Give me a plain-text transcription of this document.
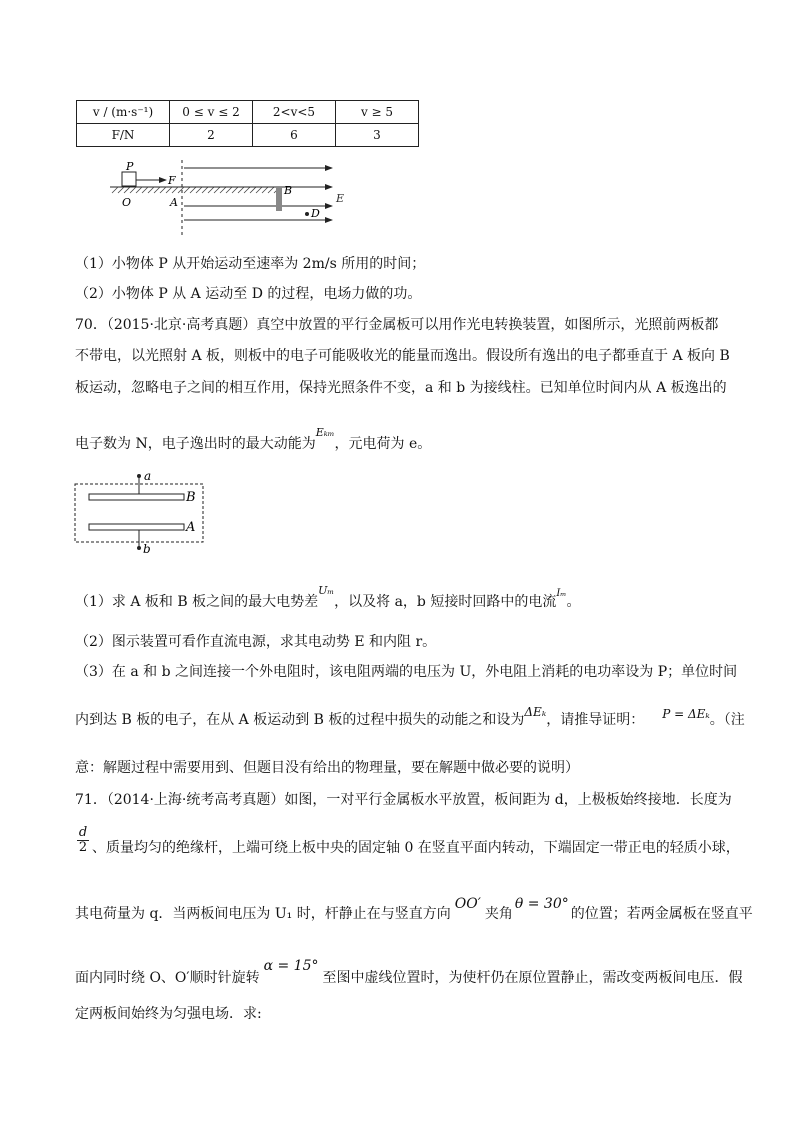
v / (m·s⁻¹)	0 ≤ v ≤ 2	2<v<5	v ≥ 5
F/N	2	6	3
P
F
B
E
D
O	A
（1）小物体 P 从开始运动至速率为 2m/s 所用的时间；
（2）小物体 P 从 A 运动至 D 的过程，电场力做的功。
70．（2015·北京·高考真题）真空中放置的平行金属板可以用作光电转换装置，如图所示，光照前两板都
不带电，以光照射 A 板，则板中的电子可能吸收光的能量而逸出。假设所有逸出的电子都垂直于 A 板向 B
板运动，忽略电子之间的相互作用，保持光照条件不变，a 和 b 为接线柱。已知单位时间内从 A 板逸出的
电子数为 N，电子逸出时的最大动能为$^{E_{km}}$，元电荷为 e。
a
B
A
b
（1）求 A 板和 B 板之间的最大电势差$^{U_m}$，以及将 a，b 短接时回路中的电流$^{I_m}$。
（2）图示装置可看作直流电源，求其电动势 E 和内阻 r。
（3）在 a 和 b 之间连接一个外电阻时，该电阻两端的电压为 U，外电阻上消耗的电功率设为 P；单位时间
内到达 B 板的电子，在从 A 板运动到 B 板的过程中损失的动能之和设为ΔEₖ，请推导证明： P = ΔEₖ。（注
意：解题过程中需要用到、但题目没有给出的物理量，要在解题中做必要的说明）
71．（2014·上海·统考高考真题）如图，一对平行金属板水平放置，板间距为 d，上极板始终接地．长度为
$\frac{d}{2}$ 、质量均匀的绝缘杆，上端可绕上板中央的固定轴 0 在竖直平面内转动，下端固定一带正电的轻质小球，
其电荷量为 q．当两板间电压为 U₁ 时，杆静止在与竖直方向OO′夹角θ = 30°的位置；若两金属板在竖直平
面内同时绕 O、O′顺时针旋转α = 15°至图中虚线位置时，为使杆仍在原位置静止，需改变两板间电压．假
定两板间始终为匀强电场．求:
